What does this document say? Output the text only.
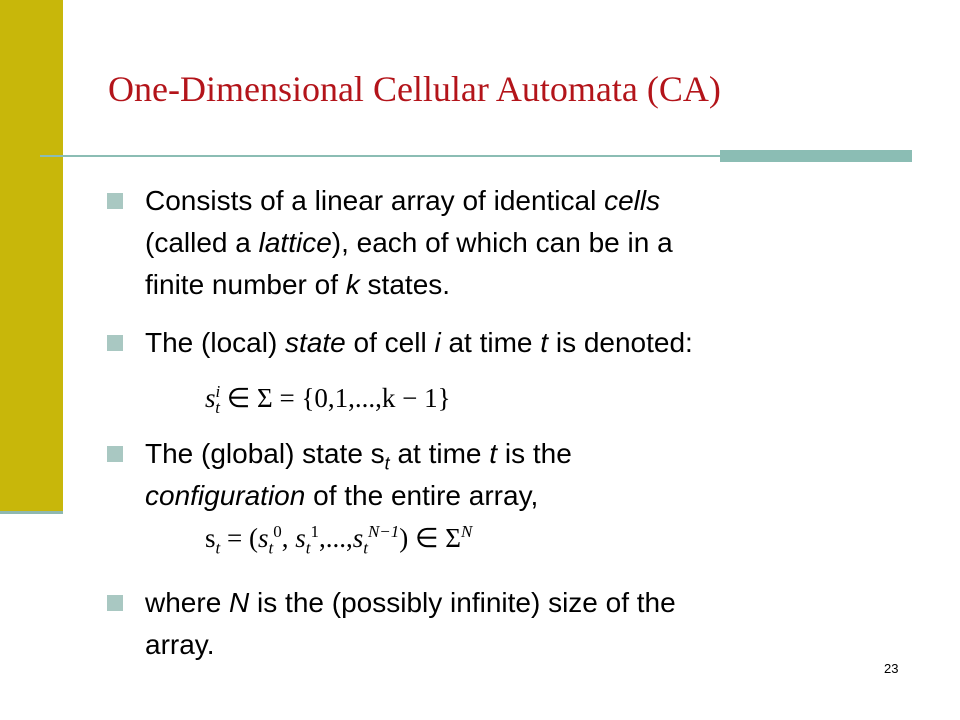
One-Dimensional Cellular Automata (CA)
Consists of a linear array of identical cells
(called a lattice), each of which can be in a
finite number of k states.
The (local) state of cell i at time t is denoted:
$s^i_t$ ∈ Σ = {0,1,...,k − 1}
The (global) state $s_t$ at time t is the
configuration of the entire array,
$s_t = (s_t^0$, $s_t^1,...,s_t^{N-1}$) ∈ $\Sigma^N$
where N is the (possibly infinite) size of the
array.
23
